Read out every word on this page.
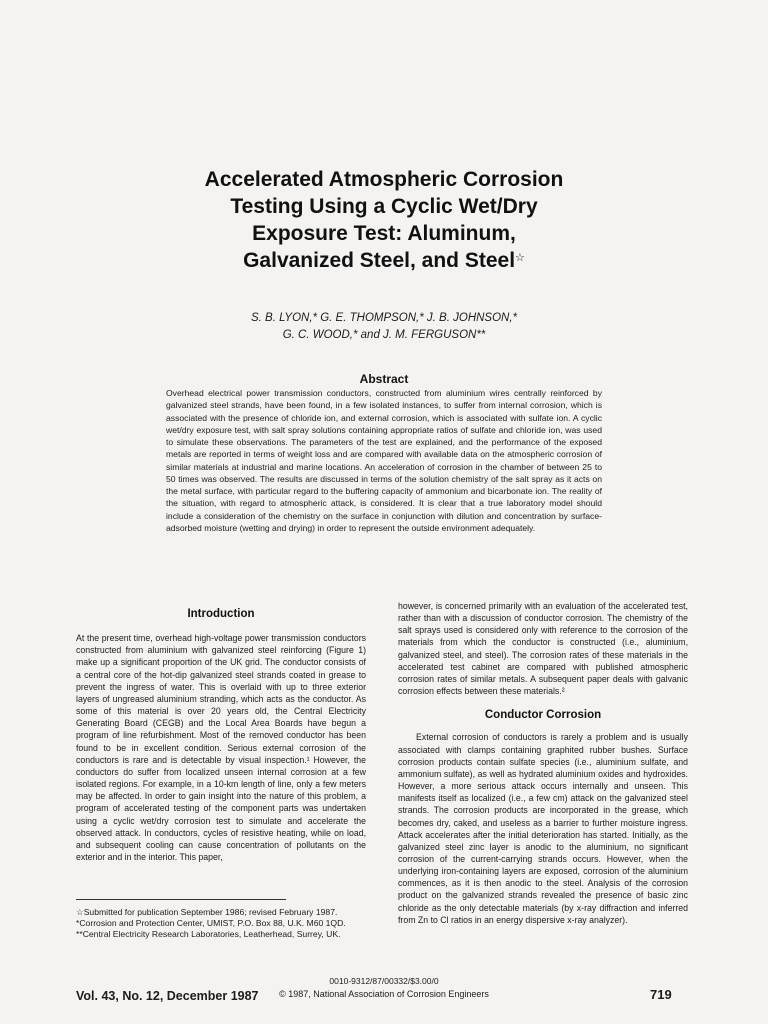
Accelerated Atmospheric Corrosion
Testing Using a Cyclic Wet/Dry
Exposure Test: Aluminum,
Galvanized Steel, and Steel☆
S. B. LYON,* G. E. THOMPSON,* J. B. JOHNSON,*
G. C. WOOD,* and J. M. FERGUSON**
Abstract

Overhead electrical power transmission conductors, constructed from aluminium wires centrally reinforced by galvanized steel strands, have been found, in a few isolated instances, to suffer from internal corrosion, which is associated with the presence of chloride ion, and external corrosion, which is associated with sulfate ion. A cyclic wet/dry exposure test, with salt spray solutions containing appropriate ratios of sulfate and chloride ion, was used to simulate these observations. The parameters of the test are explained, and the performance of the exposed metals are reported in terms of weight loss and are compared with available data on the atmospheric corrosion of similar materials at industrial and marine locations. An acceleration of corrosion in the chamber of between 25 to 50 times was observed. The results are discussed in terms of the solution chemistry of the salt spray as it acts on the metal surface, with particular regard to the buffering capacity of ammonium and bicarbonate ion. The reality of the situation, with regard to atmospheric attack, is considered. It is clear that a true laboratory model should include a consideration of the chemistry on the surface in conjunction with dilution and concentration by surface-adsorbed moisture (wetting and drying) in order to represent the outside environment adequately.

Introduction

At the present time, overhead high-voltage power transmission conductors constructed from aluminium with galvanized steel reinforcing (Figure 1) make up a significant proportion of the UK grid. The conductor consists of a central core of the hot-dip galvanized steel strands coated in grease to prevent the ingress of water. This is overlaid with up to three exterior layers of ungreased aluminium stranding, which acts as the conductor. As some of this material is over 20 years old, the Central Electricity Generating Board (CEGB) and the Local Area Boards have begun a program of line refurbishment. Most of the removed conductor has been found to be in excellent condition. Serious external corrosion of the conductors is rare and is detectable by visual inspection.¹ However, the conductors do suffer from localized unseen internal corrosion at a few isolated regions. For example, in a 10-km length of line, only a few meters may be affected. In order to gain insight into the nature of this problem, a program of accelerated testing of the component parts was undertaken using a cyclic wet/dry corrosion test to simulate and accelerate the observed attack. In conductors, cycles of resistive heating, while on load, and subsequent cooling can cause concentration of pollutants on the exterior and in the interior. This paper,

however, is concerned primarily with an evaluation of the accelerated test, rather than with a discussion of conductor corrosion. The chemistry of the salt sprays used is considered only with reference to the corrosion of the materials from which the conductor is constructed (i.e., aluminium, galvanized steel, and steel). The corrosion rates of these materials in the accelerated test cabinet are compared with published atmospheric corrosion rates of similar metals. A subsequent paper deals with galvanic corrosion effects between these materials.²

Conductor Corrosion

External corrosion of conductors is rarely a problem and is usually associated with clamps containing graphited rubber bushes. Surface corrosion products contain sulfate species (i.e., aluminium sulfate, and ammonium sulfate), as well as hydrated aluminium oxides and hydroxides. However, a more serious attack occurs internally and unseen. This manifests itself as localized (i.e., a few cm) attack on the galvanized steel strands. The corrosion products are incorporated in the grease, which becomes dry, caked, and useless as a barrier to further moisture ingress. Attack accelerates after the initial deterioration has started. Initially, as the galvanized steel zinc layer is anodic to the aluminium, no significant corrosion of the current-carrying strands occurs. However, when the underlying iron-containing layers are exposed, corrosion of the aluminium commences, as it is then anodic to the steel. Analysis of the corrosion product on the galvanized strands revealed the presence of basic zinc chloride as the only detectable materials (by x-ray diffraction and inferred from Zn to Cl ratios in an energy dispersive x-ray analyzer).

☆Submitted for publication September 1986; revised February 1987.

*Corrosion and Protection Center, UMIST, P.O. Box 88, U.K. M60 1QD.

**Central Electricity Research Laboratories, Leatherhead, Surrey, UK.

0010-9312/87/00332/$3.00/0
Vol. 43, No. 12, December 1987	© 1987, National Association of Corrosion Engineers	719
